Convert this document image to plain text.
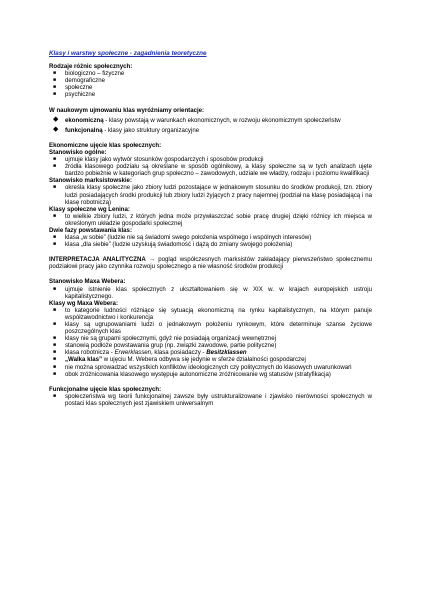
Klasy i warstwy społeczne - zagadnienia teoretyczne

Rodzaje różnic społecznych:

■ biologiczno – fizyczne
■ demograficzne
■ społeczne
■ psychiczne

W naukowym ujmowaniu klas wyróżniamy orientacje:

◆ ekonomiczną - klasy powstają w warunkach ekonomicznych, w rozwoju ekonomicznym społeczeństw
◆ funkcjonalną - klasy jako struktury organizacyjne

Ekonomiczne ujęcie klas społecznych:

Stanowisko ogólne:

■ ujmuje klasy jako wytwór stosunków gospodarczych i sposobów produkcji
■ źródła klasowego podziału są określane w sposób ogólnikowy, a klasy społeczne są w tych analizach ujęte bardzo pobieżnie w kategoriach grup społeczno – zawodowych, udziale we władzy, rodzaju i poziomu kwalifikacji

Stanowisko marksistowskie:

■ określa klasy społeczne jako zbiory ludzi pozostające w jednakowym stosunku do środków produkcji, tzn. zbiory ludzi posiadających środki produkcji lub zbiory ludzi żyjących z pracy najemnej (podział na klasę posiadającą i na klasę robotniczą)

Klasy społeczne wg Lenina:

■ to wielkie zbiory ludzi, z których jedna może przywłaszczać sobie pracę drugiej dzięki różnicy ich miejsca w określonym układzie gospodarki społecznej

Dwie fazy powstawania klas:

■ klasa „w sobie” (ludzie nie są świadomi swego położenia wspólnego i wspólnych interesów)
■ klasa „dla siebie” (ludzie uzyskują świadomość i dążą do zmiany swojego położenia)

INTERPRETACJA ANALITYCZNA → pogląd współczesnych marksistów zakładający pierwszeństwo społecznemu podziałowi pracy jako czynnika rozwoju społecznego a nie własność środków produkcji

Stanowisko Maxa Webera:

■ ujmuje istnienie klas społecznych z ukształtowaniem się w XIX w. w krajach europejskich ustroju kapitalistycznego.

Klasy wg Maxa Webera:

■ to kategorie ludności różniące się sytuacją ekonomiczną na rynku kapitalistycznym, na którym panuje współzawodnictwo i konkurencja
■ klasy są ugrupowaniami ludzi o jednakowym położeniu rynkowym, które determinuje szanse życiowe poszczególnych klas
■ klasy nie są grupami społecznymi, gdyż nie posiadają organizacji wewnętrznej
■ stanowią podłoże powstawania grup (np. związki zawodowe, partie polityczne)
■ klasa robotnicza - Erwerklassen, klasa posiadaczy - Besitzklassen
■ „Walka klas” w ujęciu M. Webera odbywa się jedynie w sferze działalności gospodarczej
■ nie można sprowadzać wszystkich konfliktów ideologicznych czy politycznych do klasowych uwarunkowań
■ obok zróżnicowania klasowego występuje autonomiczne zróżnicowanie wg statusów (stratyfikacja)

Funkcjonalne ujęcie klas społecznych:

■ społeczeństwa wg teorii funkcjonalnej zawsze były ustrukturalizowane i zjawisko nierówności społecznych w postaci klas społecznych jest zjawiskiem uniwersalnym
